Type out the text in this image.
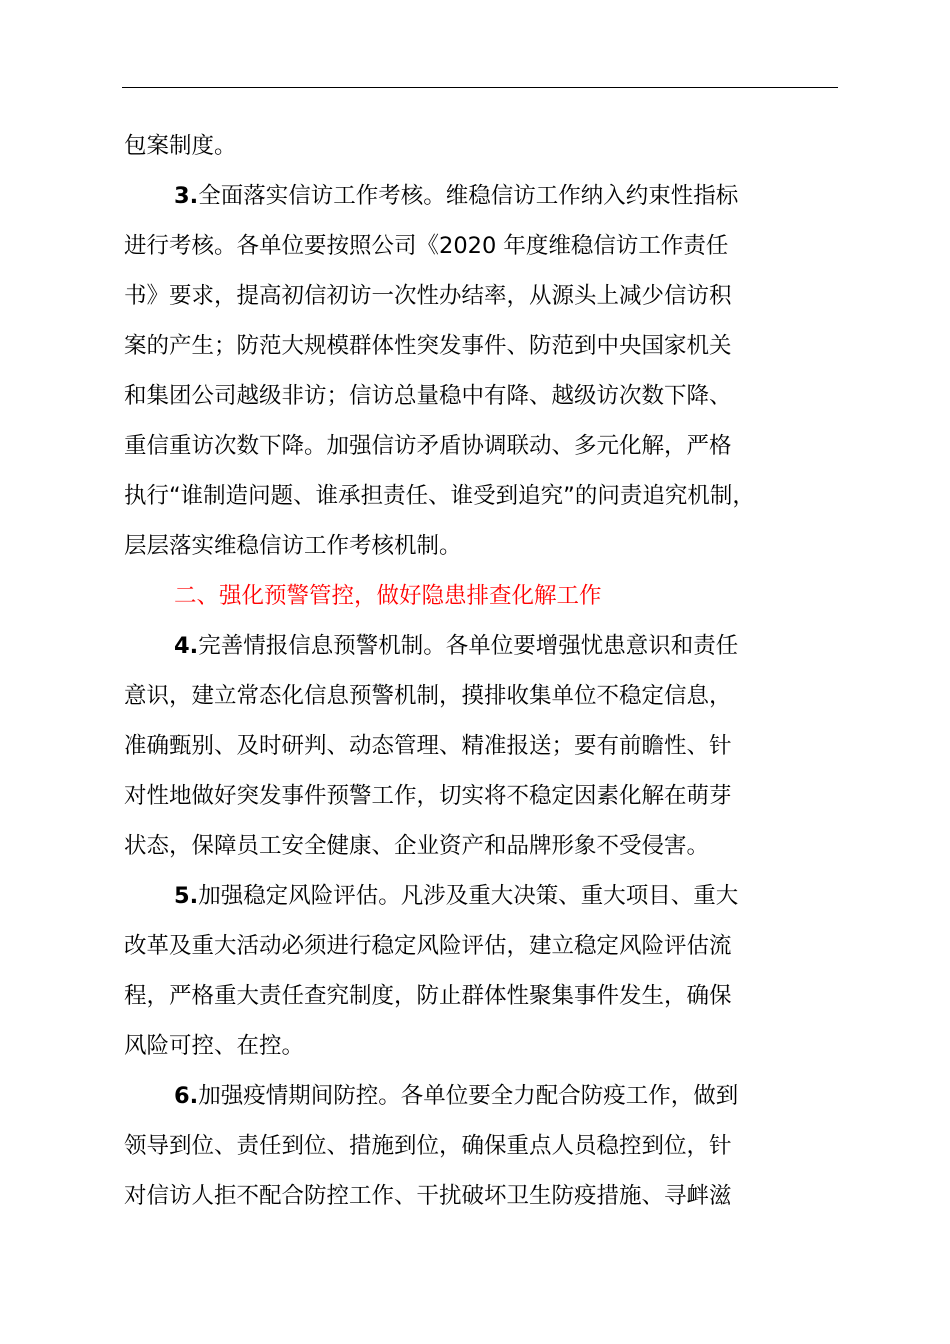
包案制度。
3.全面落实信访工作考核。维稳信访工作纳入约束性指标
进行考核。各单位要按照公司《2020 年度维稳信访工作责任
书》要求，提高初信初访一次性办结率，从源头上减少信访积
案的产生；防范大规模群体性突发事件、防范到中央国家机关
和集团公司越级非访；信访总量稳中有降、越级访次数下降、
重信重访次数下降。加强信访矛盾协调联动、多元化解，严格
执行“谁制造问题、谁承担责任、谁受到追究”的问责追究机制，
层层落实维稳信访工作考核机制。
二、强化预警管控，做好隐患排查化解工作
4.完善情报信息预警机制。各单位要增强忧患意识和责任
意识，建立常态化信息预警机制，摸排收集单位不稳定信息，
准确甄别、及时研判、动态管理、精准报送；要有前瞻性、针
对性地做好突发事件预警工作，切实将不稳定因素化解在萌芽
状态，保障员工安全健康、企业资产和品牌形象不受侵害。
5.加强稳定风险评估。凡涉及重大决策、重大项目、重大
改革及重大活动必须进行稳定风险评估，建立稳定风险评估流
程，严格重大责任查究制度，防止群体性聚集事件发生，确保
风险可控、在控。
6.加强疫情期间防控。各单位要全力配合防疫工作，做到
领导到位、责任到位、措施到位，确保重点人员稳控到位，针
对信访人拒不配合防控工作、干扰破坏卫生防疫措施、寻衅滋
